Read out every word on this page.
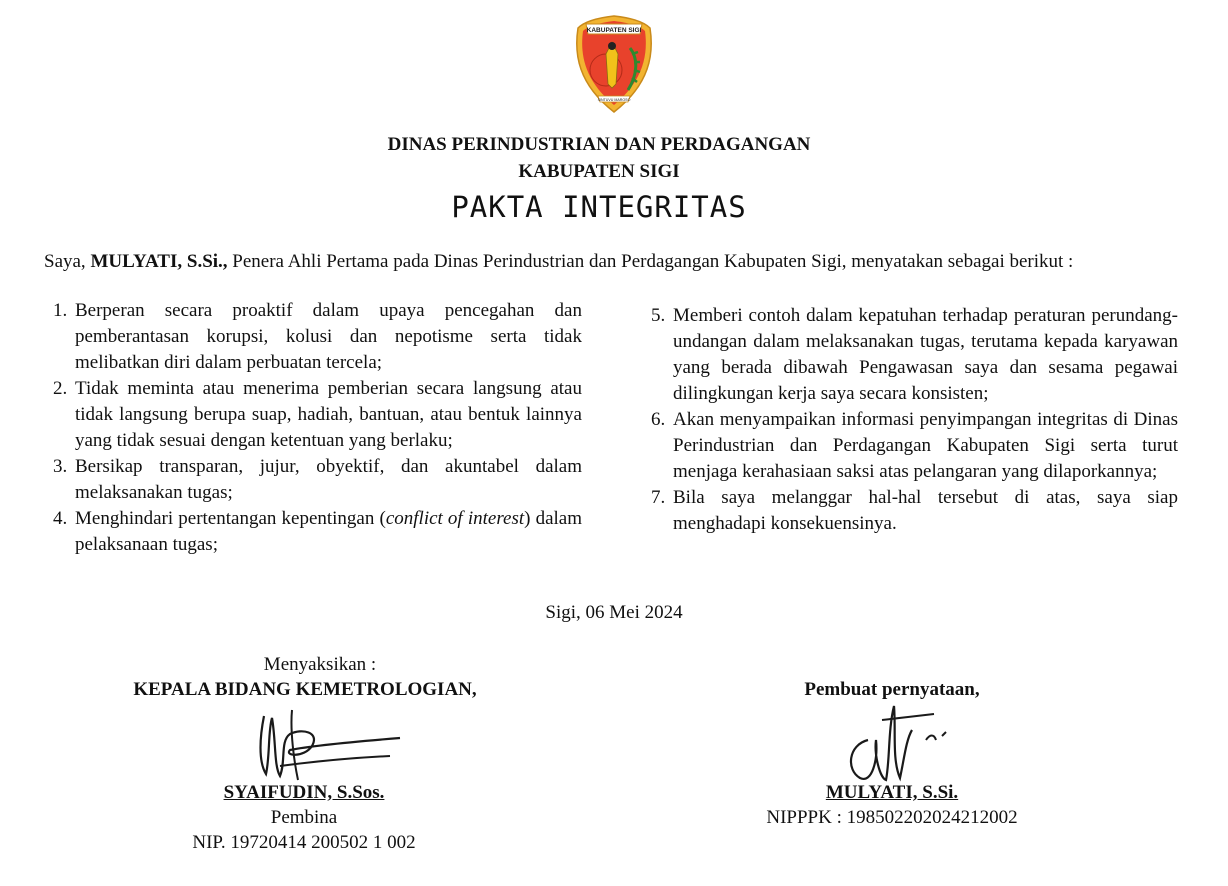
KABUPATEN SIGI
SINTUVU MAROSO
DINAS PERINDUSTRIAN DAN PERDAGANGAN
KABUPATEN SIGI
PAKTA INTEGRITAS
Saya, MULYATI, S.Si., Penera Ahli Pertama pada Dinas Perindustrian dan Perdagangan Kabupaten Sigi, menyatakan sebagai berikut :
1. Berperan secara proaktif dalam upaya pencegahan dan pemberantasan korupsi, kolusi dan nepotisme serta tidak melibatkan diri dalam perbuatan tercela;
2. Tidak meminta atau menerima pemberian secara langsung atau tidak langsung berupa suap, hadiah, bantuan, atau bentuk lainnya yang tidak sesuai dengan ketentuan yang berlaku;
3. Bersikap transparan, jujur, obyektif, dan akuntabel dalam melaksanakan tugas;
4. Menghindari pertentangan kepentingan (conflict of interest) dalam pelaksanaan tugas;
5. Memberi contoh dalam kepatuhan terhadap peraturan perundang-undangan dalam melaksanakan tugas, terutama kepada karyawan yang berada dibawah Pengawasan saya dan sesama pegawai dilingkungan kerja saya secara konsisten;
6. Akan menyampaikan informasi penyimpangan integritas di Dinas Perindustrian dan Perdagangan Kabupaten Sigi serta turut menjaga kerahasiaan saksi atas pelangaran yang dilaporkannya;
7. Bila saya melanggar hal-hal tersebut di atas, saya siap menghadapi konsekuensinya.
Sigi, 06 Mei 2024
Menyaksikan :
KEPALA BIDANG KEMETROLOGIAN,
SYAIFUDIN, S.Sos.
Pembina
NIP. 19720414 200502 1 002
Pembuat pernyataan,
MULYATI, S.Si.
NIPPPK : 198502202024212002
